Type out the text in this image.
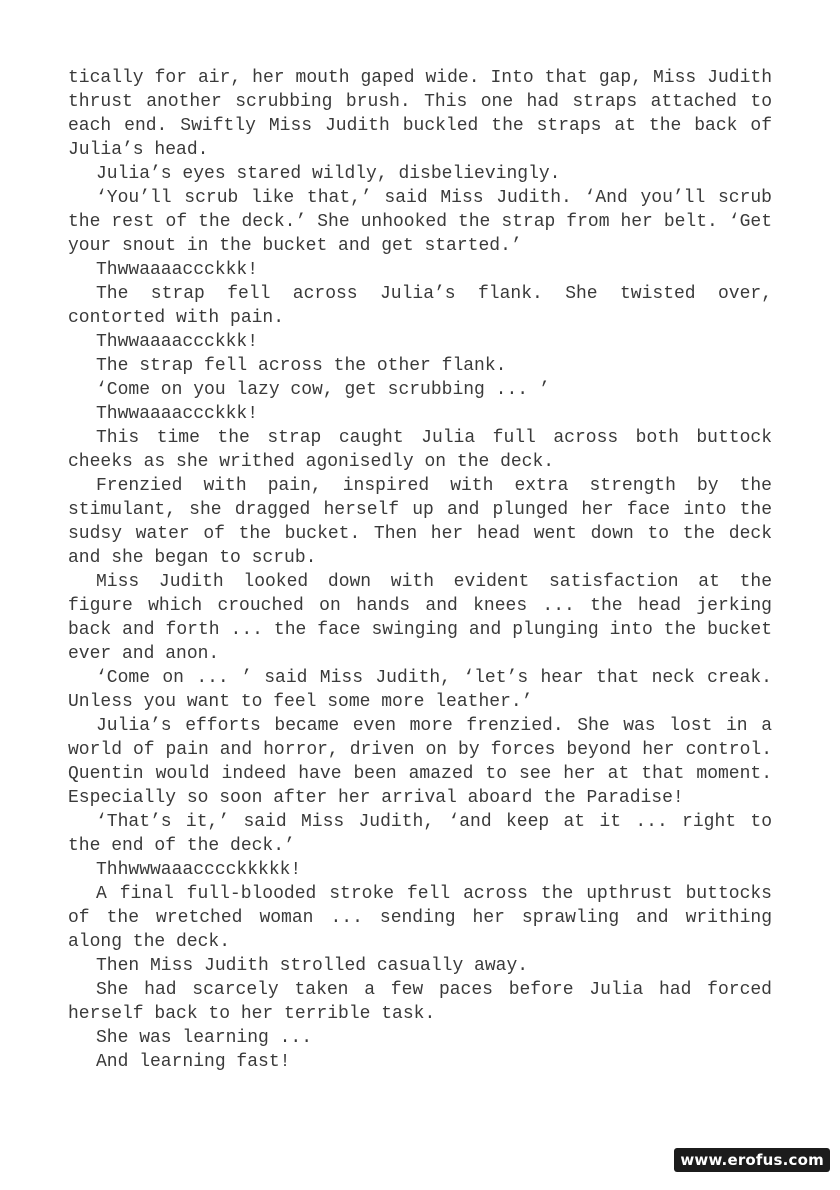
tically for air, her mouth gaped wide. Into that gap, Miss Judith thrust another scrubbing brush. This one had straps attached to each end. Swiftly Miss Judith buckled the straps at the back of Julia’s head.

Julia’s eyes stared wildly, disbelievingly.

‘You’ll scrub like that,’ said Miss Judith. ‘And you’ll scrub the rest of the deck.’ She unhooked the strap from her belt. ‘Get your snout in the bucket and get started.’

Thwwaaaaccckkk!

The strap fell across Julia’s flank. She twisted over, contorted with pain.

Thwwaaaaccckkk!

The strap fell across the other flank.

‘Come on you lazy cow, get scrubbing ... ’

Thwwaaaaccckkk!

This time the strap caught Julia full across both buttock cheeks as she writhed agonisedly on the deck.

Frenzied with pain, inspired with extra strength by the stimulant, she dragged herself up and plunged her face into the sudsy water of the bucket. Then her head went down to the deck and she began to scrub.

Miss Judith looked down with evident satisfaction at the figure which crouched on hands and knees ... the head jerking back and forth ... the face swinging and plunging into the bucket ever and anon.

‘Come on ... ’ said Miss Judith, ‘let’s hear that neck creak. Unless you want to feel some more leather.’

Julia’s efforts became even more frenzied. She was lost in a world of pain and horror, driven on by forces beyond her control. Quentin would indeed have been amazed to see her at that moment. Especially so soon after her arrival aboard the Paradise!

‘That’s it,’ said Miss Judith, ‘and keep at it ... right to the end of the deck.’

Thhwwwaaacccckkkkk!

A final full-blooded stroke fell across the upthrust buttocks of the wretched woman ... sending her sprawling and writhing along the deck.

Then Miss Judith strolled casually away.

She had scarcely taken a few paces before Julia had forced herself back to her terrible task.

She was learning ...

And learning fast!

www.erofus.com
